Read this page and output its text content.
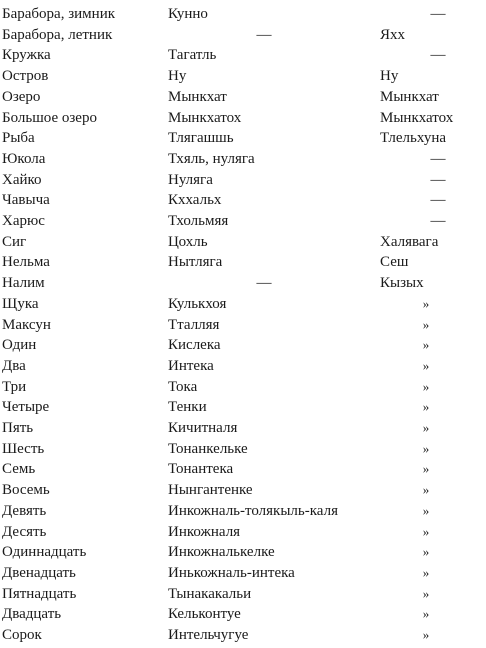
Барабора, зимник	Кунно	—
Барабора, летник	—	Яхх
Кружка	Тагатль	—
Остров	Ну	Ну
Озеро	Мынкхат	Мынкхат
Большое озеро	Мынкхатох	Мынкхатох
Рыба	Тлягашшь	Тлельхуна
Юкола	Тхяль, нуляга	—
Хайко	Нуляга	—
Чавыча	Кххальх	—
Харюс	Тхольмяя	—
Сиг	Цохль	Халявага
Нельма	Нытляга	Сеш
Налим	—	Кызых
Щука	Кулькхоя	»
Максун	Тталляя	»
Один	Кислека	»
Два	Интека	»
Три	Тока	»
Четыре	Тенки	»
Пять	Кичитналя	»
Шесть	Тонанкельке	»
Семь	Тонантека	»
Восемь	Нынгантенке	»
Девять	Инкожналь-толякыль-каля	»
Десять	Инкожналя	»
Одиннадцать	Инкожналькелке	»
Двенадцать	Инькожналь-интека	»
Пятнадцать	Тынакакальи	»
Двадцать	Кельконтуе	»
Сорок	Интельчугуе	»
